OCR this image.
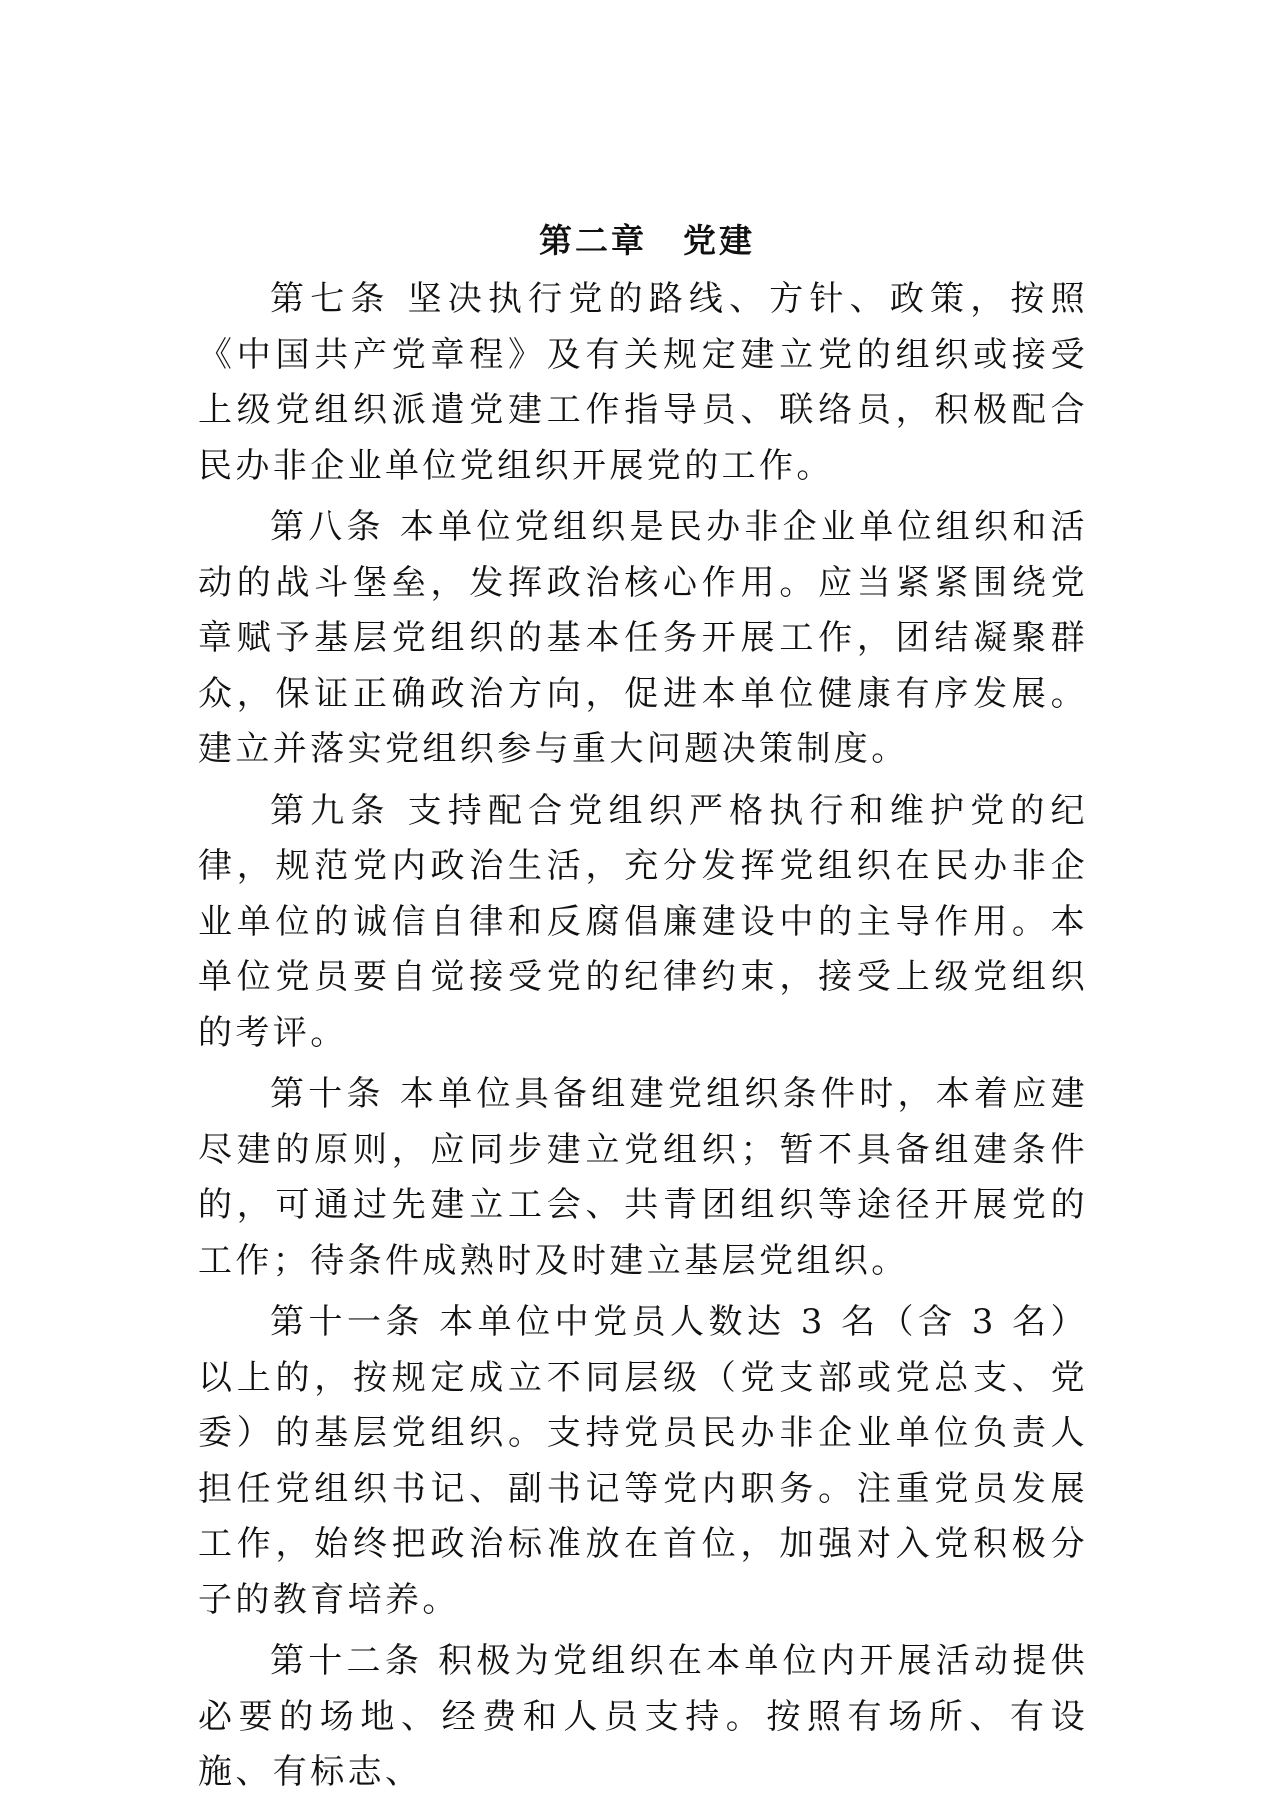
第二章　党建

第七条 坚决执行党的路线、方针、政策，按照《中国共产党章程》及有关规定建立党的组织或接受上级党组织派遣党建工作指导员、联络员，积极配合民办非企业单位党组织开展党的工作。

第八条 本单位党组织是民办非企业单位组织和活动的战斗堡垒，发挥政治核心作用。应当紧紧围绕党章赋予基层党组织的基本任务开展工作，团结凝聚群众，保证正确政治方向，促进本单位健康有序发展。建立并落实党组织参与重大问题决策制度。

第九条 支持配合党组织严格执行和维护党的纪律，规范党内政治生活，充分发挥党组织在民办非企业单位的诚信自律和反腐倡廉建设中的主导作用。本单位党员要自觉接受党的纪律约束，接受上级党组织的考评。

第十条 本单位具备组建党组织条件时，本着应建尽建的原则，应同步建立党组织；暂不具备组建条件的，可通过先建立工会、共青团组织等途径开展党的工作；待条件成熟时及时建立基层党组织。

第十一条 本单位中党员人数达 3 名（含 3 名）以上的，按规定成立不同层级（党支部或党总支、党委）的基层党组织。支持党员民办非企业单位负责人担任党组织书记、副书记等党内职务。注重党员发展工作，始终把政治标准放在首位，加强对入党积极分子的教育培养。

第十二条 积极为党组织在本单位内开展活动提供必要的场地、经费和人员支持。按照有场所、有设施、有标志、
